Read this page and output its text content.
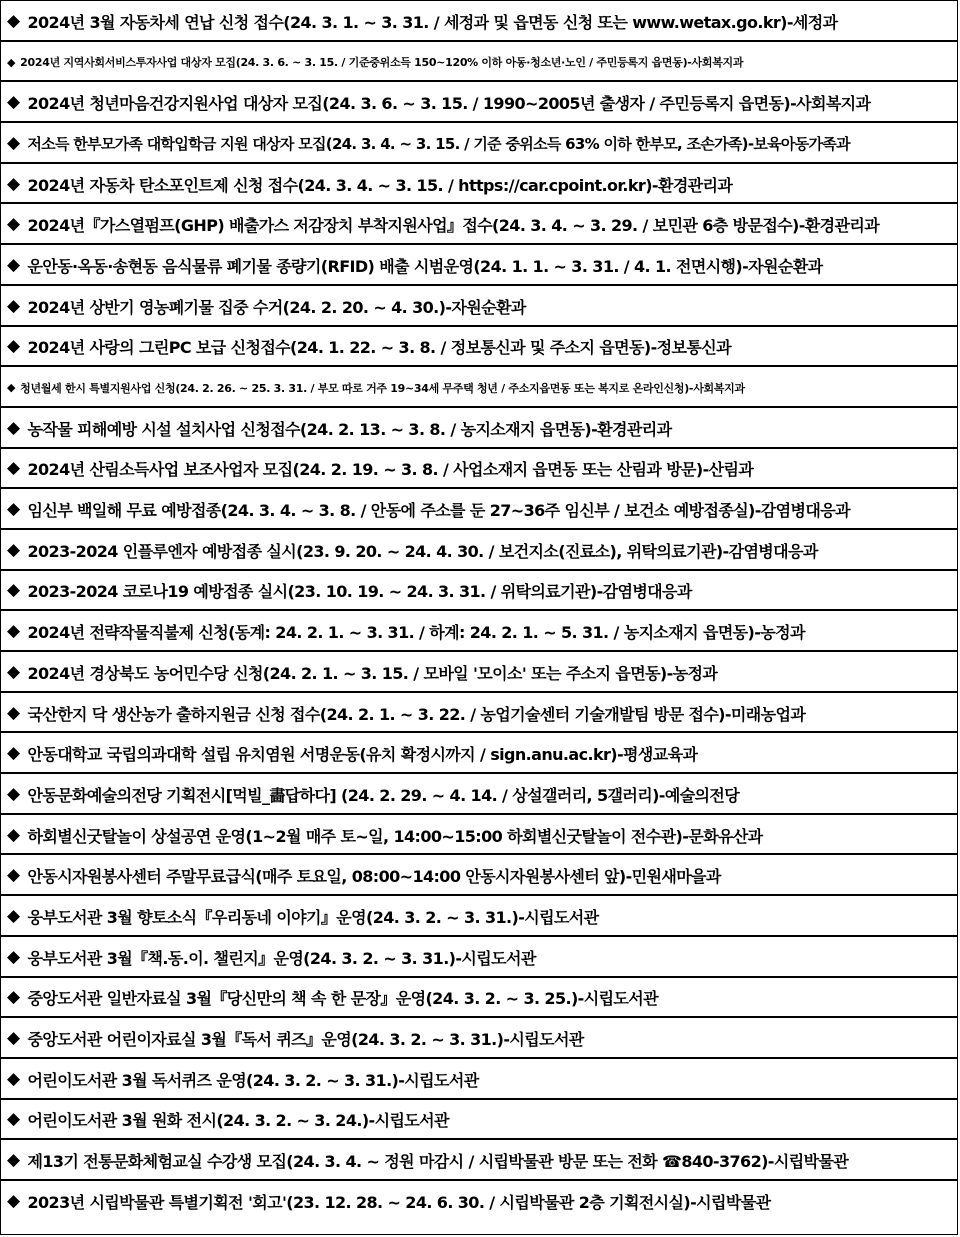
◆ 2024년 3월 자동차세 연납 신청 접수(24. 3. 1. ~ 3. 31. / 세정과 및 읍면동 신청 또는 www.wetax.go.kr)-세정과
◆ 2024년 지역사회서비스투자사업 대상자 모집(24. 3. 6. ~ 3. 15. / 기준중위소득 150~120% 이하 아동·청소년·노인 / 주민등록지 읍면동)-사회복지과
◆ 2024년 청년마음건강지원사업 대상자 모집(24. 3. 6. ~ 3. 15. / 1990~2005년 출생자 / 주민등록지 읍면동)-사회복지과
◆ 저소득 한부모가족 대학입학금 지원 대상자 모집(24. 3. 4. ~ 3. 15. / 기준 중위소득 63% 이하 한부모, 조손가족)-보육아동가족과
◆ 2024년 자동차 탄소포인트제 신청 접수(24. 3. 4. ~ 3. 15. / https://car.cpoint.or.kr)-환경관리과
◆ 2024년『가스열펌프(GHP) 배출가스 저감장치 부착지원사업』접수(24. 3. 4. ~ 3. 29. / 보민관 6층 방문접수)-환경관리과
◆ 운안동·옥동·송현동 음식물류 폐기물 종량기(RFID) 배출 시범운영(24. 1. 1. ~ 3. 31. / 4. 1. 전면시행)-자원순환과
◆ 2024년 상반기 영농폐기물 집중 수거(24. 2. 20. ~ 4. 30.)-자원순환과
◆ 2024년 사랑의 그린PC 보급 신청접수(24. 1. 22. ~ 3. 8. / 정보통신과 및 주소지 읍면동)-정보통신과
◆ 청년월세 한시 특별지원사업 신청(24. 2. 26. ~ 25. 3. 31. / 부모 따로 거주 19~34세 무주택 청년 / 주소지읍면동 또는 복지로 온라인신청)-사회복지과
◆ 농작물 피해예방 시설 설치사업 신청접수(24. 2. 13. ~ 3. 8. / 농지소재지 읍면동)-환경관리과
◆ 2024년 산림소득사업 보조사업자 모집(24. 2. 19. ~ 3. 8. / 사업소재지 읍면동 또는 산림과 방문)-산림과
◆ 임신부 백일해 무료 예방접종(24. 3. 4. ~ 3. 8. / 안동에 주소를 둔 27~36주 임신부 / 보건소 예방접종실)-감염병대응과
◆ 2023-2024 인플루엔자 예방접종 실시(23. 9. 20. ~ 24. 4. 30. / 보건지소(진료소), 위탁의료기관)-감염병대응과
◆ 2023-2024 코로나19 예방접종 실시(23. 10. 19. ~ 24. 3. 31. / 위탁의료기관)-감염병대응과
◆ 2024년 전략작물직불제 신청(동계: 24. 2. 1. ~ 3. 31. / 하계: 24. 2. 1. ~ 5. 31. / 농지소재지 읍면동)-농정과
◆ 2024년 경상북도 농어민수당 신청(24. 2. 1. ~ 3. 15. / 모바일 '모이소' 또는 주소지 읍면동)-농정과
◆ 국산한지 닥 생산농가 출하지원금 신청 접수(24. 2. 1. ~ 3. 22. / 농업기술센터 기술개발팀 방문 접수)-미래농업과
◆ 안동대학교 국립의과대학 설립 유치염원 서명운동(유치 확정시까지 / sign.anu.ac.kr)-평생교육과
◆ 안동문화예술의전당 기획전시[먹빌_畵답하다] (24. 2. 29. ~ 4. 14. / 상설갤러리, 5갤러리)-예술의전당
◆ 하회별신굿탈놀이 상설공연 운영(1~2월 매주 토~일, 14:00~15:00 하회별신굿탈놀이 전수관)-문화유산과
◆ 안동시자원봉사센터 주말무료급식(매주 토요일, 08:00~14:00 안동시자원봉사센터 앞)-민원새마을과
◆ 웅부도서관 3월 향토소식『우리동네 이야기』운영(24. 3. 2. ~ 3. 31.)-시립도서관
◆ 웅부도서관 3월『책.동.이. 챌린지』운영(24. 3. 2. ~ 3. 31.)-시립도서관
◆ 중앙도서관 일반자료실 3월『당신만의 책 속 한 문장』운영(24. 3. 2. ~ 3. 25.)-시립도서관
◆ 중앙도서관 어린이자료실 3월『독서 퀴즈』운영(24. 3. 2. ~ 3. 31.)-시립도서관
◆ 어린이도서관 3월 독서퀴즈 운영(24. 3. 2. ~ 3. 31.)-시립도서관
◆ 어린이도서관 3월 원화 전시(24. 3. 2. ~ 3. 24.)-시립도서관
◆ 제13기 전통문화체험교실 수강생 모집(24. 3. 4. ~ 정원 마감시 / 시립박물관 방문 또는 전화 ☎840-3762)-시립박물관
◆ 2023년 시립박물관 특별기획전 '회고'(23. 12. 28. ~ 24. 6. 30. / 시립박물관 2층 기획전시실)-시립박물관
